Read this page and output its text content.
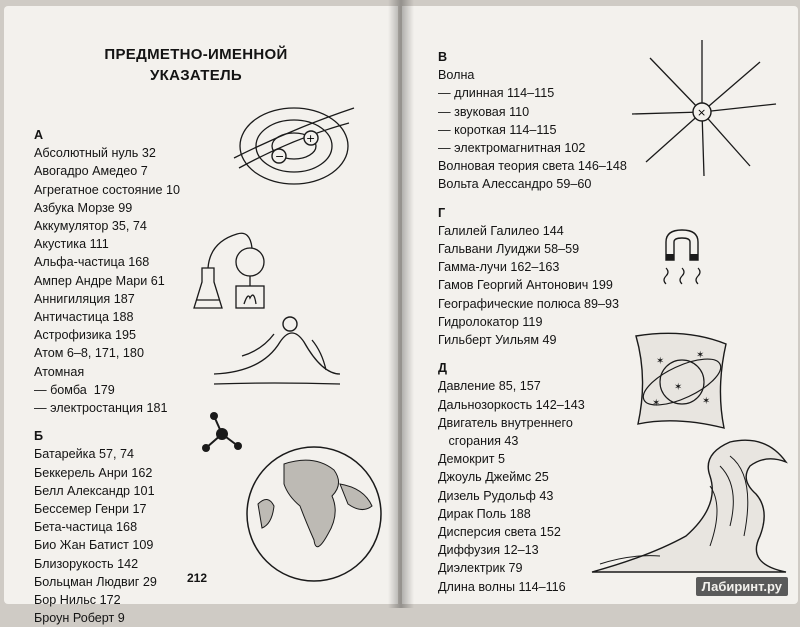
ПРЕДМЕТНО-ИМЕННОЙ
УКАЗАТЕЛЬ
А
Абсолютный нуль 32
Авогадро Амедео 7
Агрегатное состояние 10
Азбука Морзе 99
Аккумулятор 35, 74
Акустика 111
Альфа-частица 168
Ампер Андре Мари 61
Аннигиляция 187
Античастица 188
Астрофизика 195
Атом 6–8, 171, 180
Атомная
— бомба  179
— электростанция 181
Б
Батарейка 57, 74
Беккерель Анри 162
Белл Александр 101
Бессемер Генри 17
Бета-частица 168
Био Жан Батист 109
Близорукость 142
Больцман Людвиг 29
Бор Нильс 172
Броун Роберт 9
212
−
+
В
Волна
— длинная 114–115
— звуковая 110
— короткая 114–115
— электромагнитная 102
Волновая теория света 146–148
Вольта Алессандро 59–60
Г
Галилей Галилео 144
Гальвани Луиджи 58–59
Гамма-лучи 162–163
Гамов Георгий Антонович 199
Географические полюса 89–93
Гидролокатор 119
Гильберт Уильям 49
Д
Давление 85, 157
Дальнозоркость 142–143
Двигатель внутреннего
сгорания 43
Демокрит 5
Джоуль Джеймс 25
Дизель Рудольф 43
Дирак Поль 188
Дисперсия света 152
Диффузия 12–13
Диэлектрик 79
Длина волны 114–116
×
✶
✶
✶
✶
✶
Лабиринт.ру
